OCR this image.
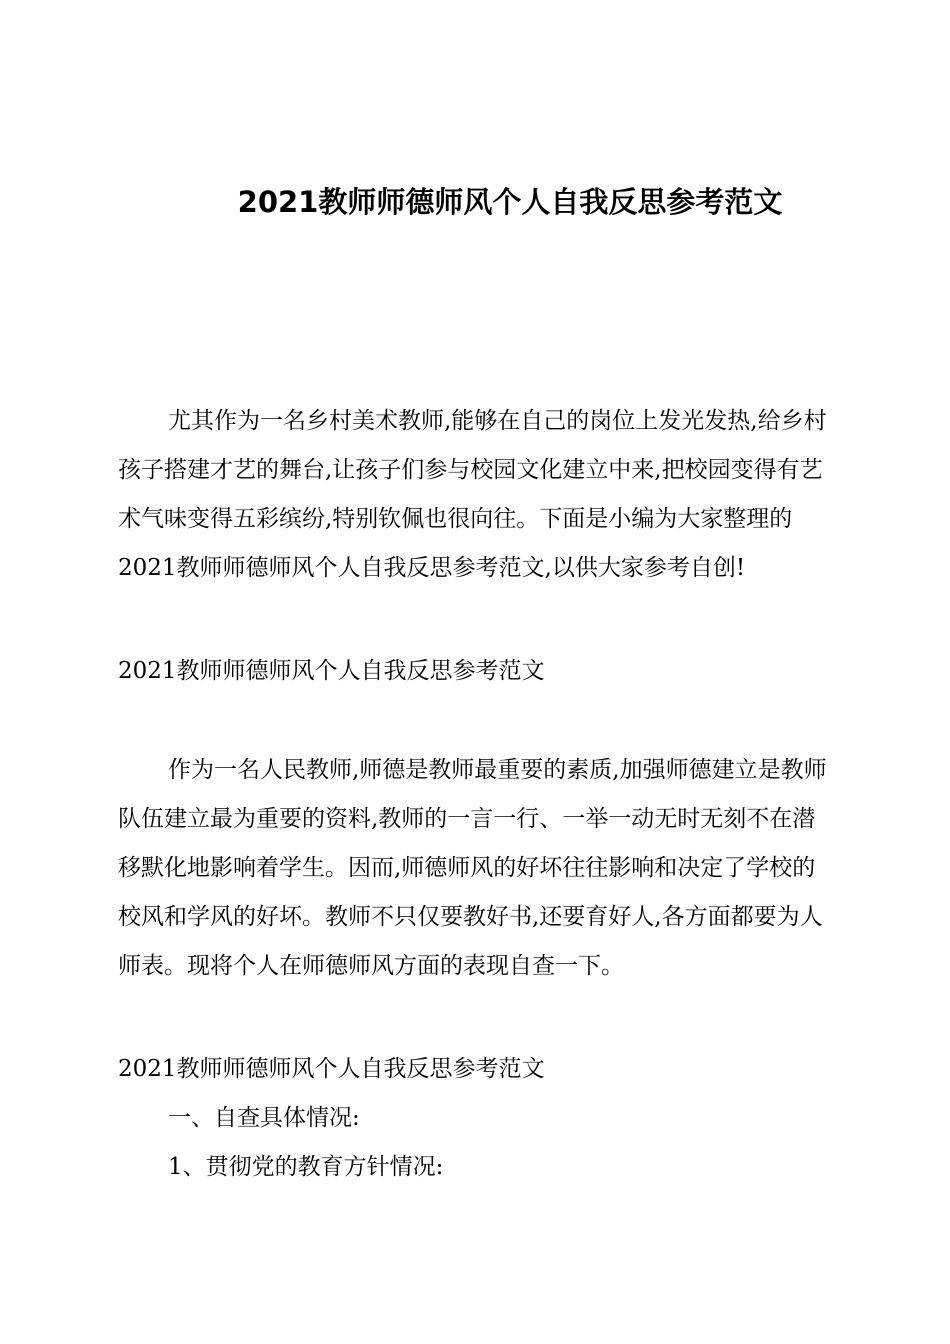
2021教师师德师风个人自我反思参考范文

尤其作为一名乡村美术教师,能够在自己的岗位上发光发热,给乡村孩子搭建才艺的舞台,让孩子们参与校园文化建立中来,把校园变得有艺术气味变得五彩缤纷,特别钦佩也很向往。下面是小编为大家整理的2021教师师德师风个人自我反思参考范文,以供大家参考自创!

2021教师师德师风个人自我反思参考范文

作为一名人民教师,师德是教师最重要的素质,加强师德建立是教师队伍建立最为重要的资料,教师的一言一行、一举一动无时无刻不在潜移默化地影响着学生。因而,师德师风的好坏往往影响和决定了学校的校风和学风的好坏。教师不只仅要教好书,还要育好人,各方面都要为人师表。现将个人在师德师风方面的表现自查一下。

2021教师师德师风个人自我反思参考范文

一、自查具体情况:

1、贯彻党的教育方针情况:
